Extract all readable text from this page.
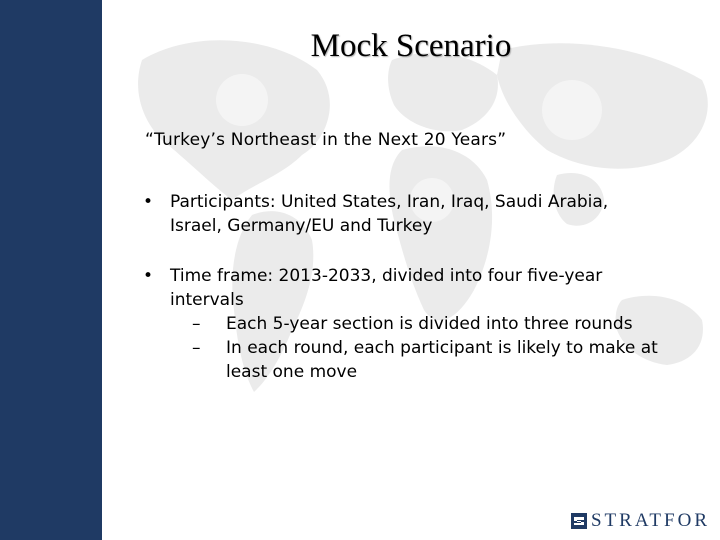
Mock Scenario
“Turkey’s Northeast in the Next 20 Years”
• Participants: United States, Iran, Iraq, Saudi Arabia, Israel, Germany/EU and Turkey
• Time frame: 2013-2033, divided into four five-year intervals
– Each 5-year section is divided into three rounds
– In each round, each participant is likely to make at least one move
STRATFOR
